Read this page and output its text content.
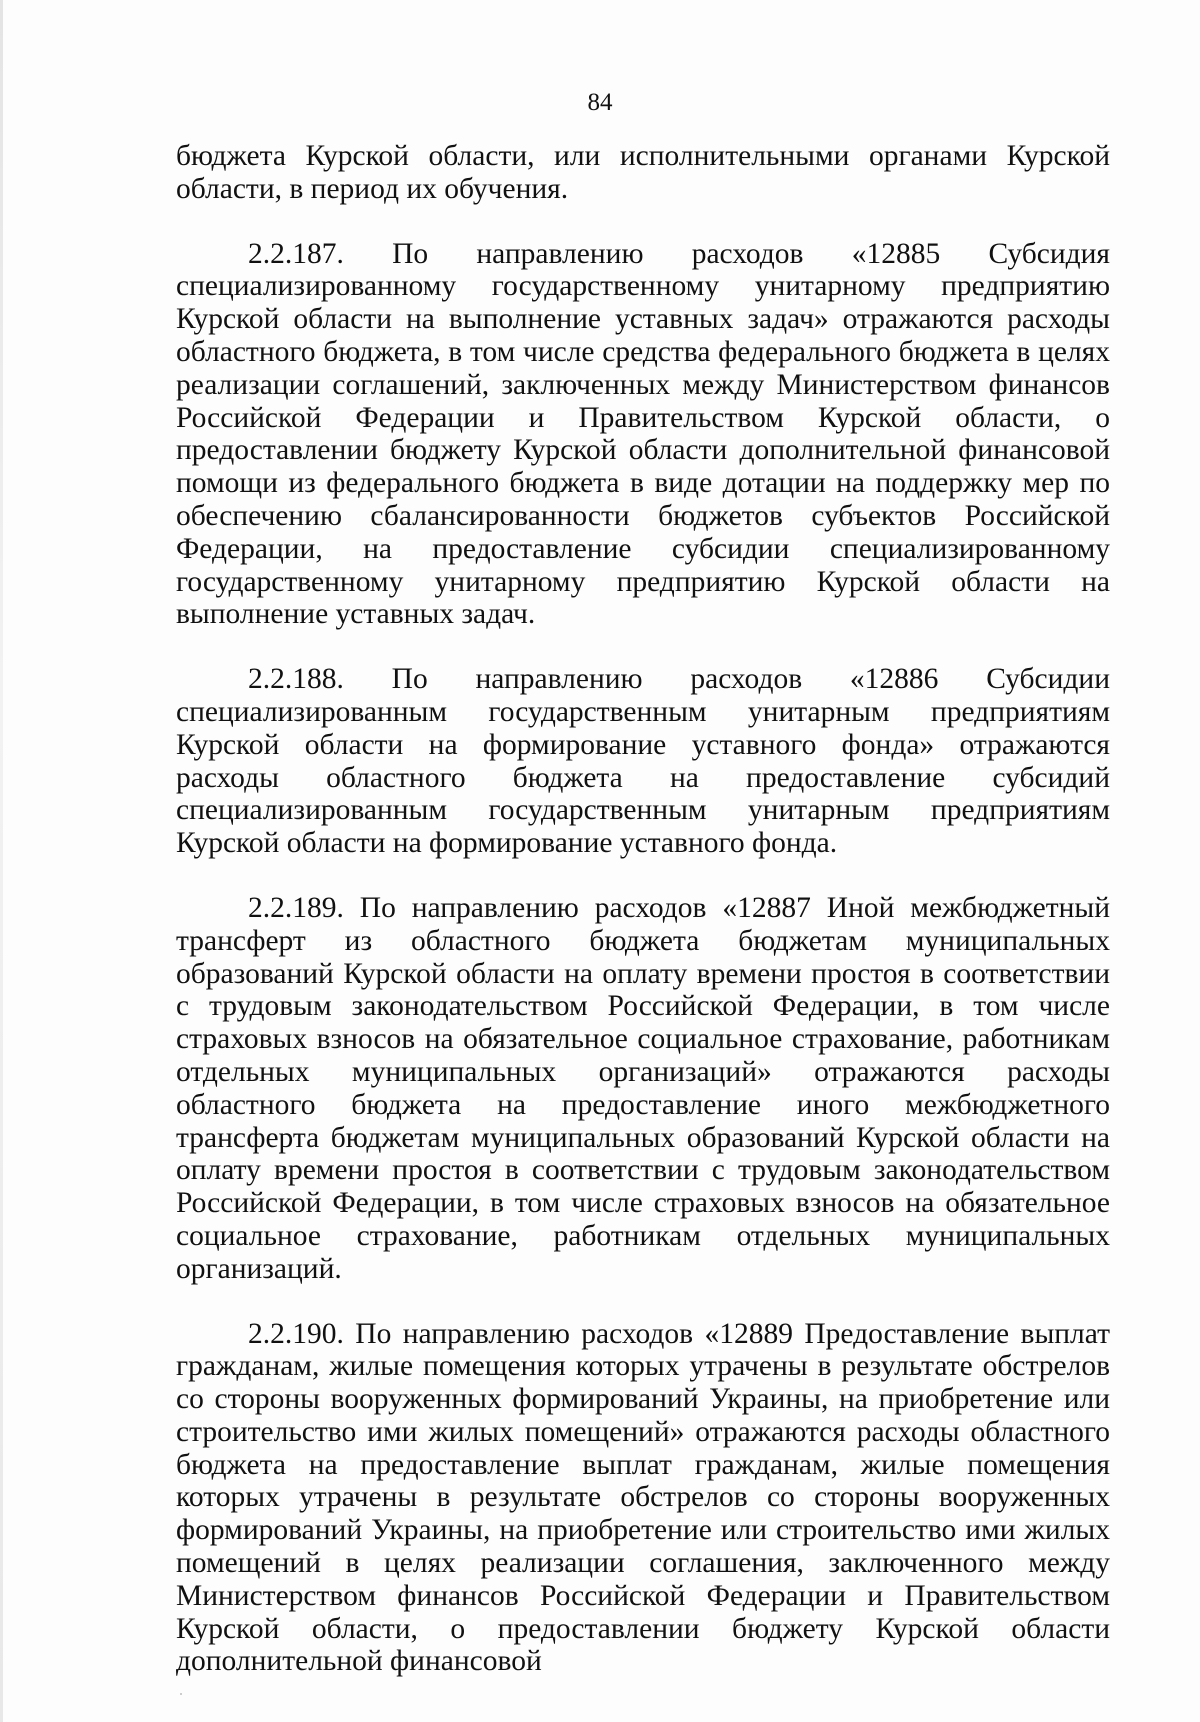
84

бюджета Курской области, или исполнительными органами Курской области, в период их обучения.

2.2.187. По направлению расходов «12885 Субсидия специализированному государственному унитарному предприятию Курской области на выполнение уставных задач» отражаются расходы областного бюджета, в том числе средства федерального бюджета в целях реализации соглашений, заключенных между Министерством финансов Российской Федерации и Правительством Курской области, о предоставлении бюджету Курской области дополнительной финансовой помощи из федерального бюджета в виде дотации на поддержку мер по обеспечению сбалансированности бюджетов субъектов Российской Федерации, на предоставление субсидии специализированному государственному унитарному предприятию Курской области на выполнение уставных задач.

2.2.188. По направлению расходов «12886 Субсидии специализированным государственным унитарным предприятиям Курской области на формирование уставного фонда» отражаются расходы областного бюджета на предоставление субсидий специализированным государственным унитарным предприятиям Курской области на формирование уставного фонда.

2.2.189. По направлению расходов «12887 Иной межбюджетный трансферт из областного бюджета бюджетам муниципальных образований Курской области на оплату времени простоя в соответствии с трудовым законодательством Российской Федерации, в том числе страховых взносов на обязательное социальное страхование, работникам отдельных муниципальных организаций» отражаются расходы областного бюджета на предоставление иного межбюджетного трансферта бюджетам муниципальных образований Курской области на оплату времени простоя в соответствии с трудовым законодательством Российской Федерации, в том числе страховых взносов на обязательное социальное страхование, работникам отдельных муниципальных организаций.

2.2.190. По направлению расходов «12889 Предоставление выплат гражданам, жилые помещения которых утрачены в результате обстрелов со стороны вооруженных формирований Украины, на приобретение или строительство ими жилых помещений» отражаются расходы областного бюджета на предоставление выплат гражданам, жилые помещения которых утрачены в результате обстрелов со стороны вооруженных формирований Украины, на приобретение или строительство ими жилых помещений в целях реализации соглашения, заключенного между Министерством финансов Российской Федерации и Правительством Курской области, о предоставлении бюджету Курской области дополнительной финансовой
